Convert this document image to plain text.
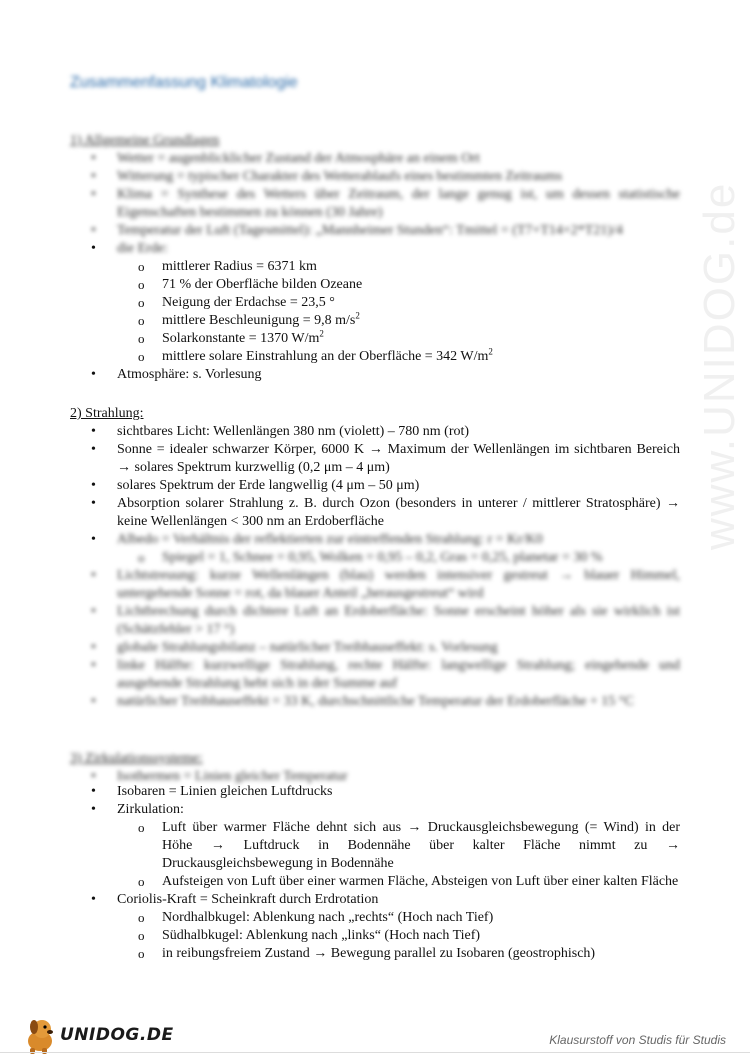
Zusammenfassung Klimatologie
1) Allgemeine Grundlagen
• Wetter = augenblicklicher Zustand der Atmosphäre an einem Ort
• Witterung = typischer Charakter des Wetterablaufs eines bestimmten Zeitraums
• Klima = Synthese des Wetters über Zeitraum, der lange genug ist, um dessen statistische Eigenschaften bestimmen zu können (30 Jahre)
• Temperatur der Luft (Tagesmittel): „Mannheimer Stunden“: Tmittel = (T7+T14+2*T21)/4
• die Erde:
o mittlerer Radius = 6371 km
o 71 % der Oberfläche bilden Ozeane
o Neigung der Erdachse = 23,5 °
o mittlere Beschleunigung = 9,8 $m/s^2$
o Solarkonstante = 1370 $W/m^2$
o mittlere solare Einstrahlung an der Oberfläche = 342 $W/m^2$
• Atmosphäre: s. Vorlesung
2) Strahlung:
• sichtbares Licht: Wellenlängen 380 nm (violett) – 780 nm (rot)
• Sonne = idealer schwarzer Körper, 6000 K → Maximum der Wellenlängen im sichtbaren Bereich → solares Spektrum kurzwellig (0,2 μm – 4 μm)
• solares Spektrum der Erde langwellig (4 μm – 50 μm)
• Absorption solarer Strahlung z. B. durch Ozon (besonders in unterer / mittlerer Stratosphäre) → keine Wellenlängen < 300 nm an Erdoberfläche
• Albedo = Verhältnis der reflektierten zur eintreffenden Strahlung: r = Kr/K0
o Spiegel = 1, Schnee = 0,95, Wolken = 0,95 – 0,2, Gras = 0,25, planetar = 30 %
• Lichtstreuung: kurze Wellenlängen (blau) werden intensiver gestreut → blauer Himmel, untergehende Sonne = rot, da blauer Anteil „herausgestreut“ wird
• Lichtbrechung durch dichtere Luft an Erdoberfläche: Sonne erscheint höher als sie wirklich ist (Schätzfehler > 17 °)
• globale Strahlungsbilanz – natürlicher Treibhauseffekt: s. Vorlesung
• linke Hälfte: kurzwellige Strahlung, rechte Hälfte: langwellige Strahlung; eingehende und ausgehende Strahlung hebt sich in der Summe auf
• natürlicher Treibhauseffekt = 33 K, durchschnittliche Temperatur der Erdoberfläche + 15 °C
3) Zirkulationssysteme:
• Isothermen = Linien gleicher Temperatur
• Isobaren = Linien gleichen Luftdrucks
• Zirkulation:
o Luft über warmer Fläche dehnt sich aus → Druckausgleichsbewegung (= Wind) in der Höhe → Luftdruck in Bodennähe über kalter Fläche nimmt zu → Druckausgleichsbewegung in Bodennähe
o Aufsteigen von Luft über einer warmen Fläche, Absteigen von Luft über einer kalten Fläche
• Coriolis-Kraft = Scheinkraft durch Erdrotation
o Nordhalbkugel: Ablenkung nach „rechts“ (Hoch nach Tief)
o Südhalbkugel: Ablenkung nach „links“ (Hoch nach Tief)
o in reibungsfreiem Zustand → Bewegung parallel zu Isobaren (geostrophisch)
www.UNIDOG.de
UNIDOG.DE	Klausurstoff von Studis für Studis
